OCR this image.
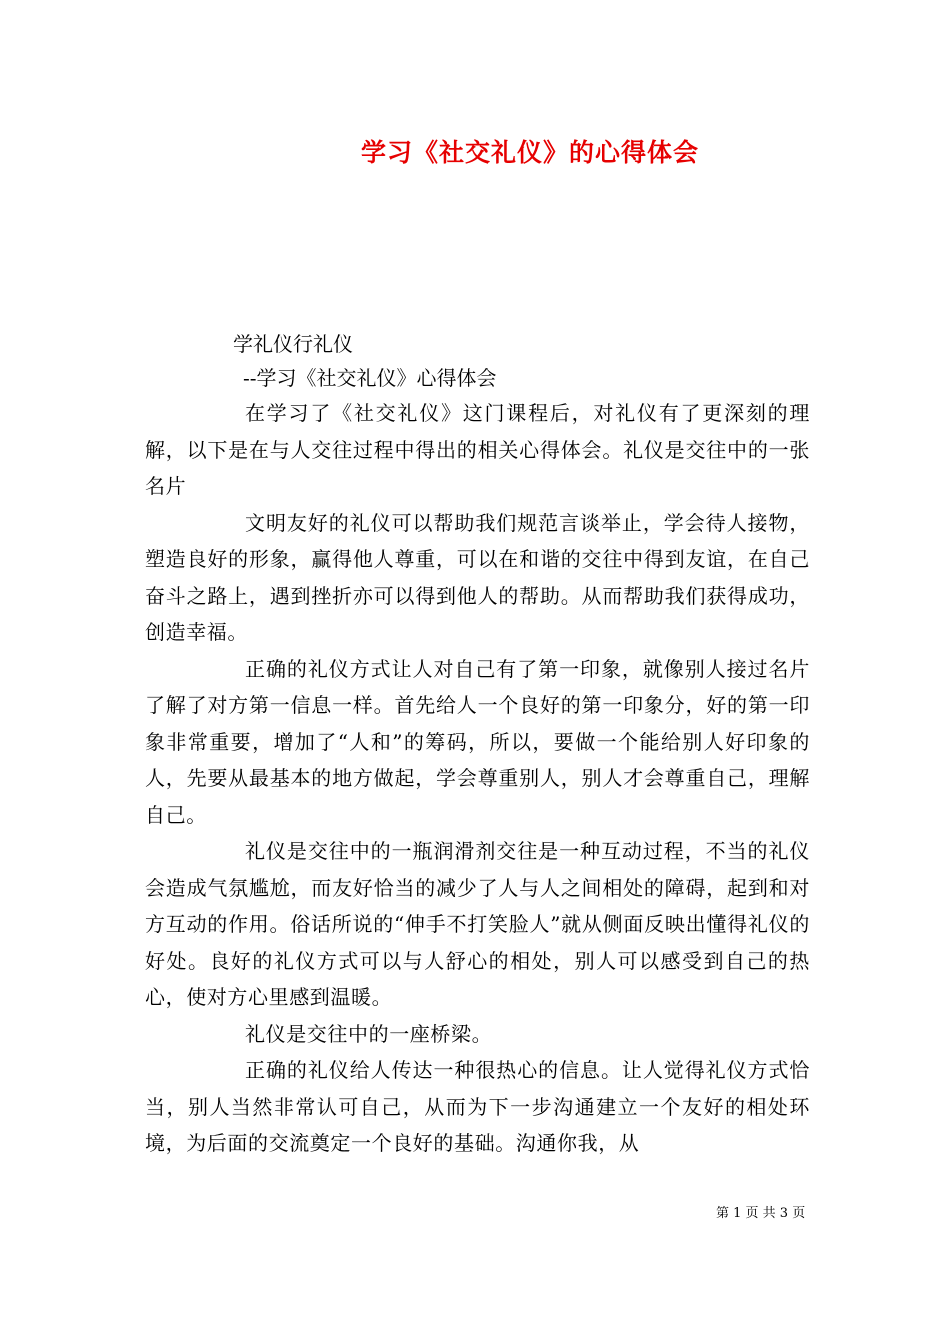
学习《社交礼仪》的心得体会
学礼仪行礼仪
--学习《社交礼仪》心得体会

在学习了《社交礼仪》这门课程后，对礼仪有了更深刻的理解，以下是在与人交往过程中得出的相关心得体会。礼仪是交往中的一张名片

文明友好的礼仪可以帮助我们规范言谈举止，学会待人接物，塑造良好的形象，赢得他人尊重，可以在和谐的交往中得到友谊，在自己奋斗之路上，遇到挫折亦可以得到他人的帮助。从而帮助我们获得成功，创造幸福。

正确的礼仪方式让人对自己有了第一印象，就像别人接过名片了解了对方第一信息一样。首先给人一个良好的第一印象分，好的第一印象非常重要，增加了“人和”的筹码，所以，要做一个能给别人好印象的人，先要从最基本的地方做起，学会尊重别人，别人才会尊重自己，理解自己。

礼仪是交往中的一瓶润滑剂交往是一种互动过程，不当的礼仪会造成气氛尴尬，而友好恰当的减少了人与人之间相处的障碍，起到和对方互动的作用。俗话所说的“伸手不打笑脸人”就从侧面反映出懂得礼仪的好处。良好的礼仪方式可以与人舒心的相处，别人可以感受到自己的热心，使对方心里感到温暖。

礼仪是交往中的一座桥梁。

正确的礼仪给人传达一种很热心的信息。让人觉得礼仪方式恰当，别人当然非常认可自己，从而为下一步沟通建立一个友好的相处环境，为后面的交流奠定一个良好的基础。沟通你我，从

第 1 页 共 3 页
